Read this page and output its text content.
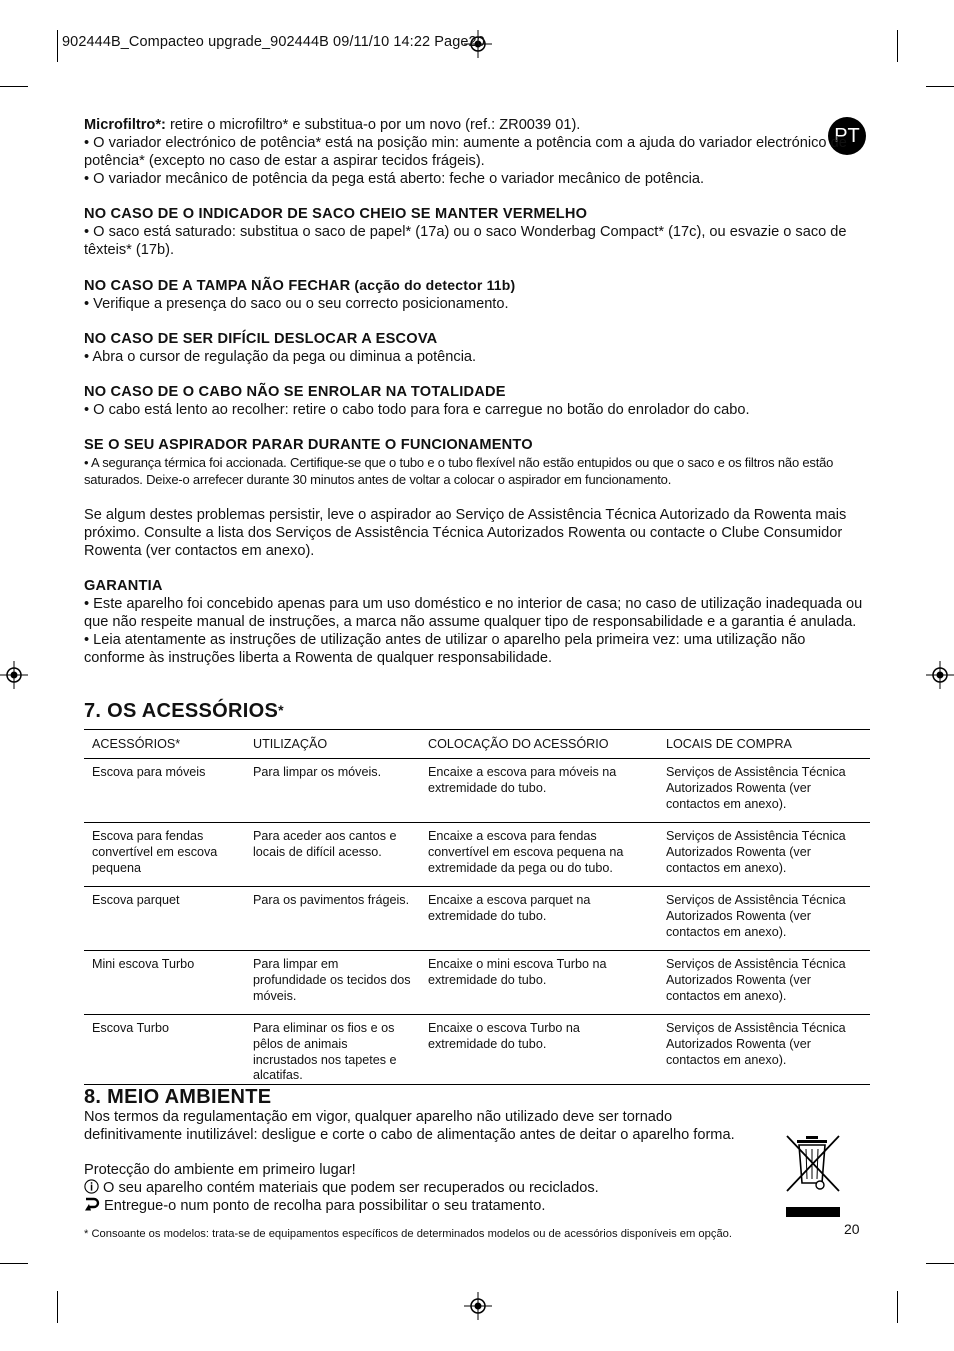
902444B_Compacteo upgrade_902444B 09/11/10 14:22 Page20
PT

Microfiltro*: retire o microfiltro* e substitua-o por um novo (ref.: ZR0039 01).

• O variador electrónico de potência* está na posição min: aumente a potência com a ajuda do variador electrónico de potência* (excepto no caso de estar a aspirar tecidos frágeis).

• O variador mecânico de potência da pega está aberto: feche o variador mecânico de potência.

NO CASO DE O INDICADOR DE SACO CHEIO SE MANTER VERMELHO

• O saco está saturado: substitua o saco de papel* (17a) ou o saco Wonderbag Compact* (17c), ou esvazie o saco de têxteis* (17b).

NO CASO DE A TAMPA NÃO FECHAR (acção do detector 11b)

• Verifique a presença do saco ou o seu correcto posicionamento.

NO CASO DE SER DIFÍCIL DESLOCAR A ESCOVA

• Abra o cursor de regulação da pega ou diminua a potência.

NO CASO DE O CABO NÃO SE ENROLAR NA TOTALIDADE

• O cabo está lento ao recolher: retire o cabo todo para fora e carregue no botão do enrolador do cabo.

SE O SEU ASPIRADOR PARAR DURANTE O FUNCIONAMENTO

• A segurança térmica foi accionada. Certifique-se que o tubo e o tubo flexível não estão entupidos ou que o saco e os filtros não estão saturados. Deixe-o arrefecer durante 30 minutos antes de voltar a colocar o aspirador em funcionamento.

Se algum destes problemas persistir, leve o aspirador ao Serviço de Assistência Técnica Autorizado da Rowenta mais próximo. Consulte a lista dos Serviços de Assistência Técnica Autorizados Rowenta ou contacte o Clube Consumidor Rowenta (ver contactos em anexo).

GARANTIA

• Este aparelho foi concebido apenas para um uso doméstico e no interior de casa; no caso de utilização inadequada ou que não respeite manual de instruções, a marca não assume qualquer tipo de responsabilidade e a garantia é anulada.

• Leia atentamente as instruções de utilização antes de utilizar o aparelho pela primeira vez: uma utilização não conforme às instruções liberta a Rowenta de qualquer responsabilidade.

7. OS ACESSÓRIOS*
ACESSÓRIOS*	UTILIZAÇÃO	COLOCAÇÃO DO ACESSÓRIO	LOCAIS DE COMPRA
Escova para móveis	Para limpar os móveis.	Encaixe a escova para móveis na extremidade do tubo.	Serviços de Assistência Técnica Autorizados Rowenta (ver contactos em anexo).
Escova para fendas convertível em escova pequena	Para aceder aos cantos e locais de difícil acesso.	Encaixe a escova para fendas convertível em escova pequena na extremidade da pega ou do tubo.	Serviços de Assistência Técnica Autorizados Rowenta (ver contactos em anexo).
Escova parquet	Para os pavimentos frágeis.	Encaixe a escova parquet na extremidade do tubo.	Serviços de Assistência Técnica Autorizados Rowenta (ver contactos em anexo).
Mini escova Turbo	Para limpar em profundidade os tecidos dos móveis.	Encaixe o mini escova Turbo na extremidade do tubo.	Serviços de Assistência Técnica Autorizados Rowenta (ver contactos em anexo).
Escova Turbo	Para eliminar os fios e os pêlos de animais incrustados nos tapetes e alcatifas.	Encaixe o escova Turbo na extremidade do tubo.	Serviços de Assistência Técnica Autorizados Rowenta (ver contactos em anexo).
8. MEIO AMBIENTE

Nos termos da regulamentação em vigor, qualquer aparelho não utilizado deve ser tornado definitivamente inutilizável: desligue e corte o cabo de alimentação antes de deitar o aparelho forma.

Protecção do ambiente em primeiro lugar!

O seu aparelho contém materiais que podem ser recuperados ou reciclados.

Entregue-o num ponto de recolha para possibilitar o seu tratamento.

* Consoante os modelos: trata-se de equipamentos específicos de determinados modelos ou de acessórios disponíveis em opção.	20
